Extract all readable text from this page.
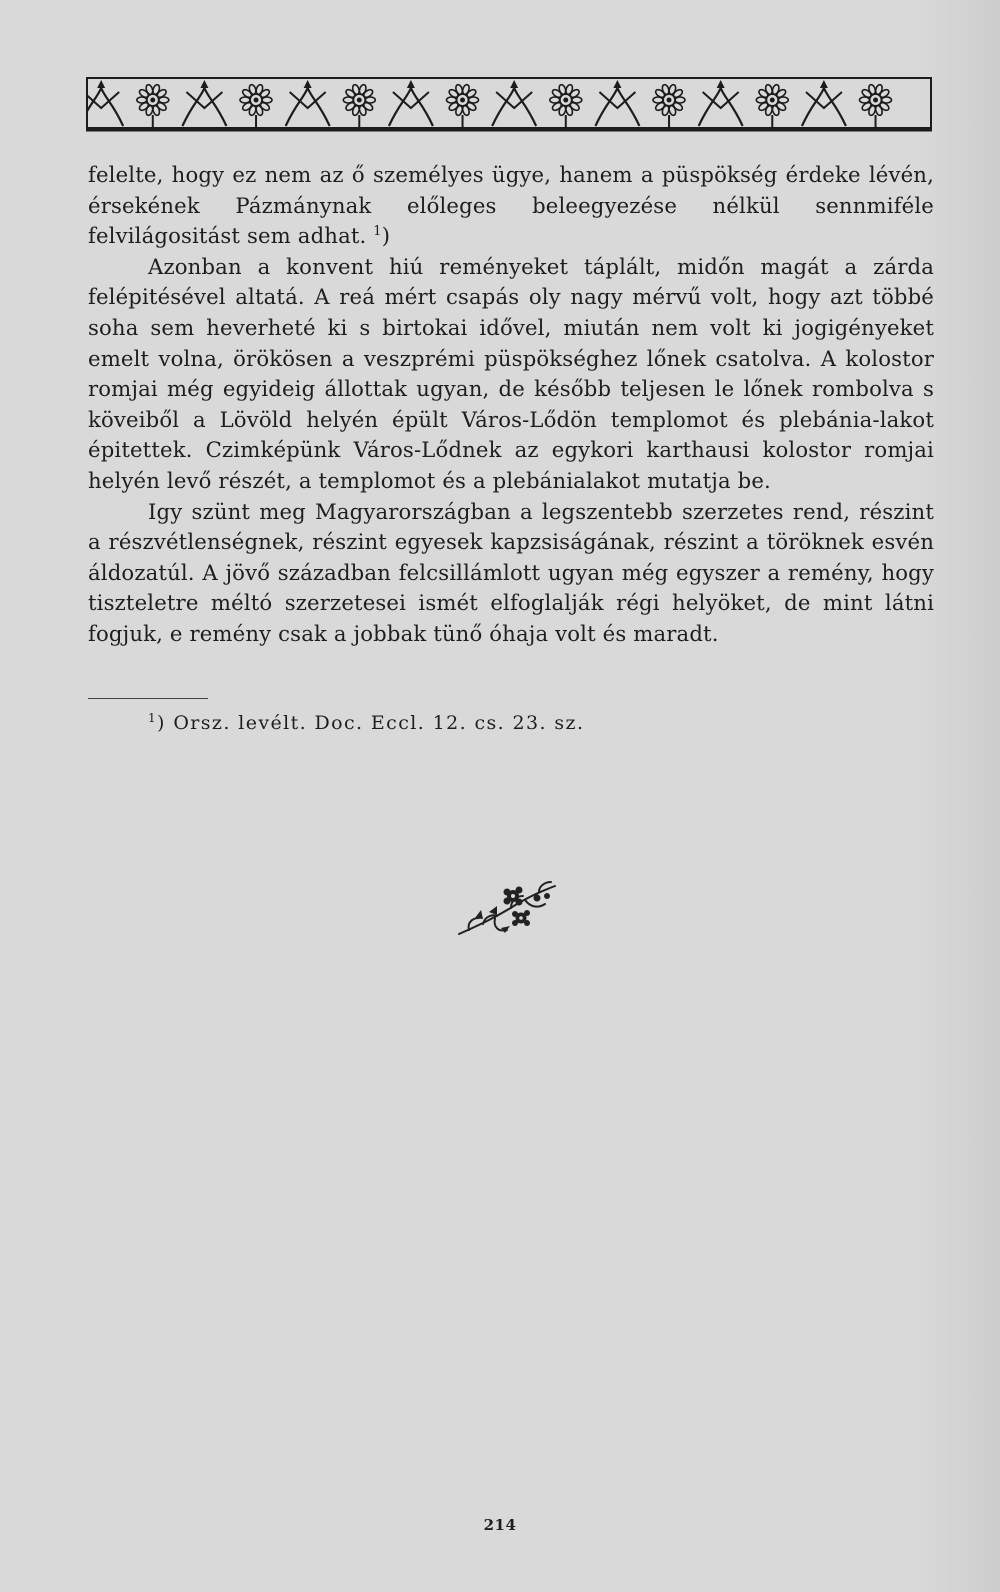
felelte, hogy ez nem az ő személyes ügye, hanem a püspökség érdeke lévén, érsekének Pázmánynak előleges beleegyezése nélkül sennmiféle felvilágositást sem adhat. $^1$)

Azonban a konvent hiú reményeket táplált, midőn magát a zárda felépitésével altatá. A reá mért csapás oly nagy mérvű volt, hogy azt többé soha sem heverheté ki s birtokai idővel, miután nem volt ki jogigényeket emelt volna, örökösen a veszprémi püspökséghez lőnek csatolva. A kolostor romjai még egyideig állottak ugyan, de később teljesen le lőnek rombolva s köveiből a Lövöld helyén épült Város-Lődön templomot és plebánia-lakot épitettek. Czimképünk Város-Lődnek az egykori karthausi kolostor romjai helyén levő részét, a templomot és a plebánialakot mutatja be.

Igy szünt meg Magyarországban a legszentebb szerzetes rend, részint a részvétlenségnek, részint egyesek kapzsiságának, részint a töröknek esvén áldozatúl. A jövő században felcsillámlott ugyan még egyszer a remény, hogy tiszteletre méltó szerzetesei ismét elfoglalják régi helyöket, de mint látni fogjuk, e remény csak a jobbak tünő óhaja volt és maradt.

$^1$) Orsz. levélt. Doc. Eccl. 12. cs. 23. sz.
214
